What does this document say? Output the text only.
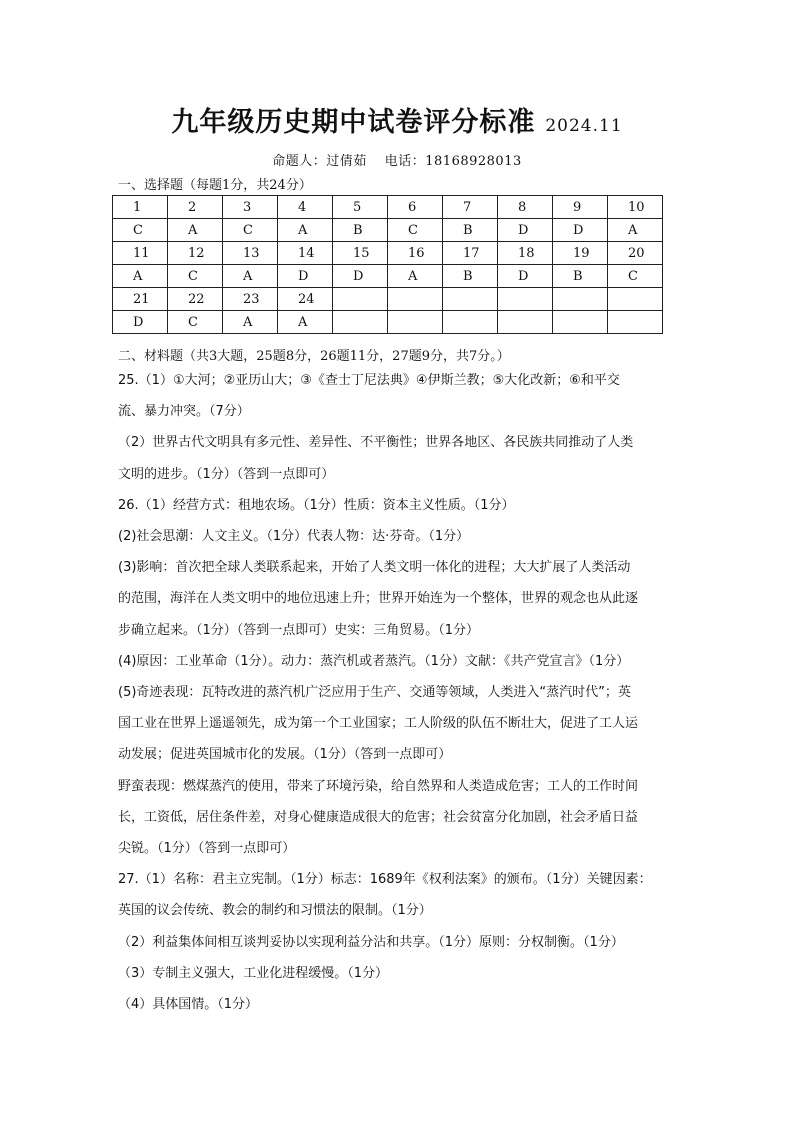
九年级历史期中试卷评分标准 2024.11
命题人：过倩茹 电话：18168928013
一、选择题（每题1分，共24分）
1	2	3	4	5	6	7	8	9	10
C	A	C	A	B	C	B	D	D	A
11	12	13	14	15	16	17	18	19	20
A	C	A	D	D	A	B	D	B	C
21	22	23	24						
D	C	A	A						
二、材料题（共3大题，25题8分，26题11分，27题9分，共7分。）

25.（1）①大河；②亚历山大；③《查士丁尼法典》④伊斯兰教；⑤大化改新；⑥和平交

流、暴力冲突。（7分）

（2）世界古代文明具有多元性、差异性、不平衡性；世界各地区、各民族共同推动了人类

文明的进步。（1分）（答到一点即可）

26.（1）经营方式：租地农场。（1分）性质：资本主义性质。（1分）

(2)社会思潮：人文主义。（1分）代表人物：达·芬奇。（1分）

(3)影响：首次把全球人类联系起来，开始了人类文明一体化的进程；大大扩展了人类活动

的范围，海洋在人类文明中的地位迅速上升；世界开始连为一个整体，世界的观念也从此逐

步确立起来。（1分）（答到一点即可）史实：三角贸易。（1分）

(4)原因：工业革命（1分）。动力：蒸汽机或者蒸汽。（1分）文献：《共产党宣言》（1分）

(5)奇迹表现：瓦特改进的蒸汽机广泛应用于生产、交通等领域，人类进入“蒸汽时代”；英

国工业在世界上遥遥领先，成为第一个工业国家；工人阶级的队伍不断壮大，促进了工人运

动发展；促进英国城市化的发展。（1分）（答到一点即可）

野蛮表现：燃煤蒸汽的使用，带来了环境污染，给自然界和人类造成危害；工人的工作时间

长，工资低，居住条件差，对身心健康造成很大的危害；社会贫富分化加剧，社会矛盾日益

尖锐。（1分）（答到一点即可）

27.（1）名称：君主立宪制。（1分）标志：1689年《权利法案》的颁布。（1分）关键因素：

英国的议会传统、教会的制约和习惯法的限制。（1分）

（2）利益集体间相互谈判妥协以实现利益分沾和共享。（1分）原则：分权制衡。（1分）

（3）专制主义强大，工业化进程缓慢。（1分）

（4）具体国情。（1分）
